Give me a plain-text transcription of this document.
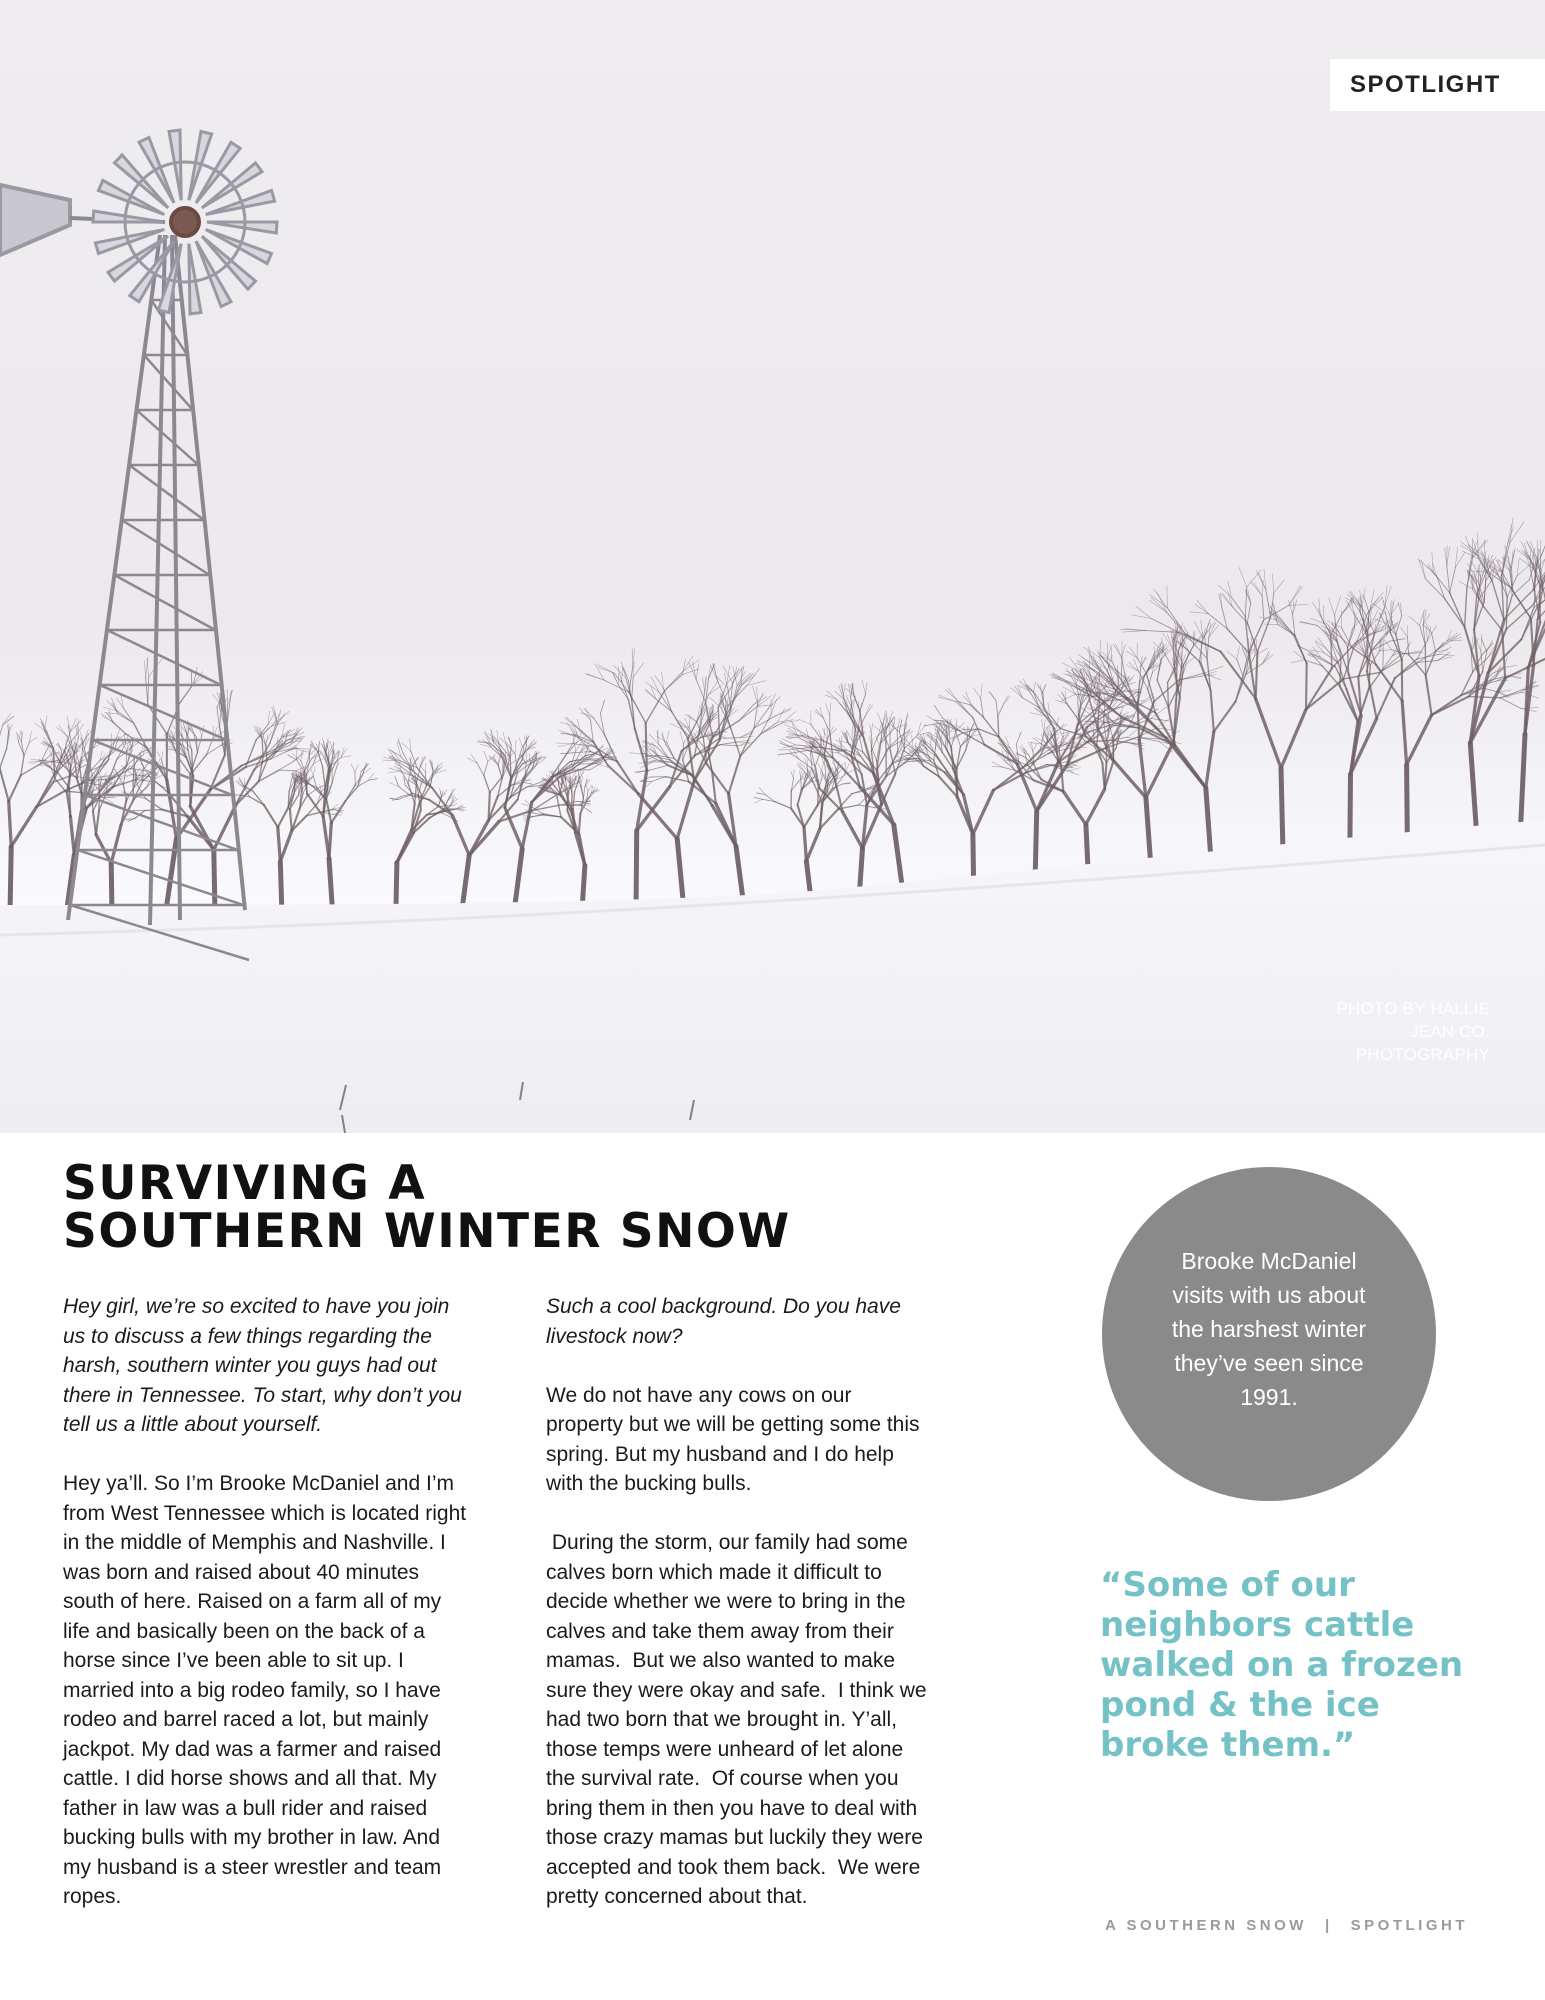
SPOTLIGHT
PHOTO BY HALLIE JEAN CO. PHOTOGRAPHY
SURVIVING A
SOUTHERN WINTER SNOW

Hey girl, we’re so excited to have you join us to discuss a few things regarding the harsh, southern winter you guys had out there in Tennessee. To start, why don’t you tell us a little about yourself.

Hey ya’ll. So I’m Brooke McDaniel and I’m from West Tennessee which is located right in the middle of Memphis and Nashville. I was born and raised about 40 minutes south of here. Raised on a farm all of my life and basically been on the back of a horse since I’ve been able to sit up. I married into a big rodeo family, so I have rodeo and barrel raced a lot, but mainly jackpot. My dad was a farmer and raised cattle. I did horse shows and all that. My father in law was a bull rider and raised bucking bulls with my brother in law. And my husband is a steer wrestler and team ropes.

Such a cool background. Do you have livestock now?

We do not have any cows on our property but we will be getting some this spring. But my husband and I do help with the bucking bulls.

During the storm, our family had some calves born which made it difficult to decide whether we were to bring in the calves and take them away from their mamas.  But we also wanted to make sure they were okay and safe.  I think we had two born that we brought in. Y’all, those temps were unheard of let alone the survival rate.  Of course when you bring them in then you have to deal with those crazy mamas but luckily they were accepted and took them back.  We were pretty concerned about that.

Brooke McDaniel visits with us about the harshest winter they’ve seen since 1991.
“Some of our neighbors cattle walked on a frozen pond & the ice broke them.”
A SOUTHERN SNOW | SPOTLIGHT
